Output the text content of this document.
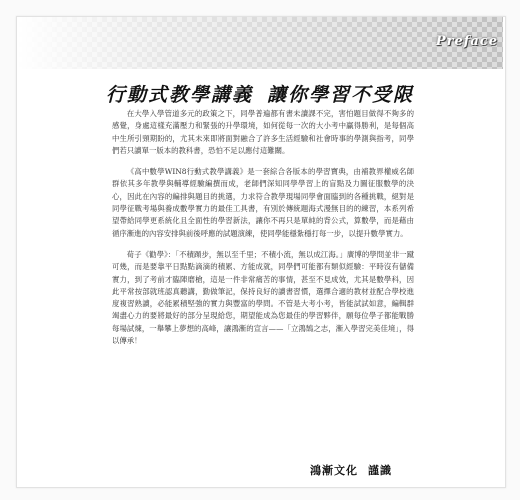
Preface
行動式教學講義 讓你學習不受限

在大學入學管道多元的政策之下，同學普遍都有書未讀課不完，害怕題目做得不夠多的感覺，身處這樣充滿壓力和緊張的升學環境，如何從每一次的大小考中贏得勝利，是每個高中生所引頸期盼的，尤其未來即將面對融合了許多生活經驗和社會時事的學測與指考，同學們若只讀單一版本的教科書，恐怕不足以應付這難關。

《高中數學WIN8行動式教學講義》是一套綜合各版本的學習寶典，由補教界權威名師群依其多年教學與輔導經驗編撰而成，老師們深知同學學習上的盲點及力圖征服數學的決心，因此在內容的編排與題目的挑選，力求符合教學現場同學會面臨到的各種挑戰，絕對是同學征戰考場與養成數學實力的最佳工具書，有別於傳統題海式漫無目的的練習，本系列希望帶給同學更系統化且全面性的學習新法，讓你不再只是單純的背公式，算數學，而是藉由循序漸進的內容安排與前後呼應的試題演練，使同學能穩紮穩打每一步，以提升數學實力。

荀子《勸學》：「不積蹞步，無以至千里；不積小流，無以成江海。」廣博的學問並非一蹴可幾，而是要靠平日點點滴滴的積累、方能成就，同學們可能都有類似經驗：平時沒有儲備實力，到了考前才臨陣磨槍，這是一件非常痛苦的事情，甚至不見成效，尤其是數學科，因此平常按部就班認真聽講，勤做筆記，保持良好的讀書習慣，選擇合適的教材並配合學校進度複習熟讀，必能累積堅強的實力與豐富的學問。不管是大考小考，皆能試試如意，編輯群竭盡心力的要將最好的部分呈現給您，期望能成為您最佳的學習夥伴，願每位學子都能戰勝每場試煉，一舉攀上夢想的高峰，讓鴻漸的宣言——「立鴻鵠之志，漸入學習完美佳境」，得以傳承！

鴻漸文化 謹識
